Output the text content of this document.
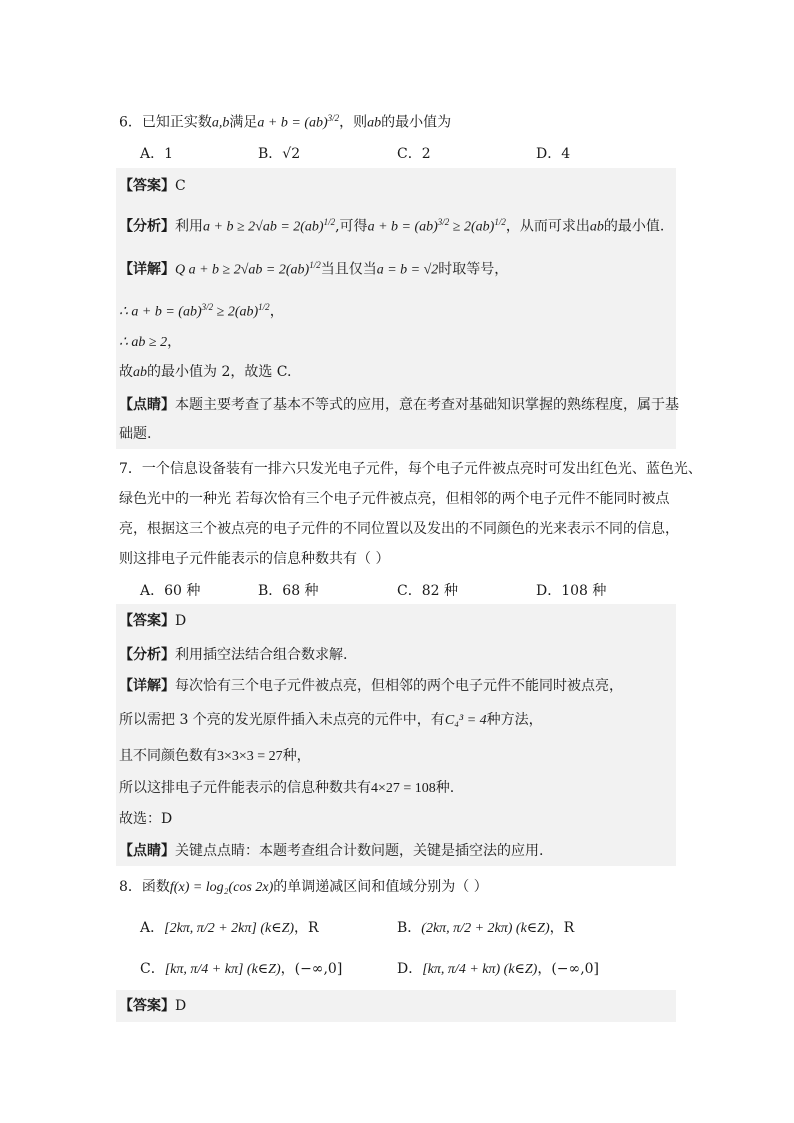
6．已知正实数a,b满足a + b = (ab)$^{3/2}$，则ab的最小值为
A．1	B．√2	C．2	D．4
【答案】C
【分析】利用a + b ≥ 2√ab = 2(ab)$^{1/2}$,可得a + b = (ab)$^{3/2}$ ≥ 2(ab)$^{1/2}$，从而可求出ab的最小值.
【详解】Q a + b ≥ 2√ab = 2(ab)$^{1/2}$当且仅当a = b = √2时取等号，
∴ a + b = (ab)$^{3/2}$ ≥ 2(ab)$^{1/2}$，
∴ ab ≥ 2，
故ab的最小值为 2，故选 C.
【点睛】本题主要考查了基本不等式的应用，意在考查对基础知识掌握的熟练程度，属于基
础题.
7．一个信息设备装有一排六只发光电子元件，每个电子元件被点亮时可发出红色光、蓝色光、
绿色光中的一种光 若每次恰有三个电子元件被点亮，但相邻的两个电子元件不能同时被点
亮，根据这三个被点亮的电子元件的不同位置以及发出的不同颜色的光来表示不同的信息，
则这排电子元件能表示的信息种数共有（ ）
A．60 种	B．68 种	C．82 种	D．108 种
【答案】D
【分析】利用插空法结合组合数求解.
【详解】每次恰有三个电子元件被点亮，但相邻的两个电子元件不能同时被点亮，
所以需把 3 个亮的发光原件插入未点亮的元件中，有C₄³ = 4种方法，
且不同颜色数有3×3×3 = 27种，
所以这排电子元件能表示的信息种数共有4×27 = 108种.
故选：D
【点睛】关键点点睛：本题考查组合计数问题，关键是插空法的应用.
8．函数f(x) = log₂(cos 2x)的单调递减区间和值域分别为（ ）
A．[2kπ, π/2 + 2kπ] (k∈Z)，R	B．(2kπ, π/2 + 2kπ) (k∈Z)，R
C．[kπ, π/4 + kπ] (k∈Z)，(−∞,0]	D．[kπ, π/4 + kπ) (k∈Z)，(−∞,0]
【答案】D
